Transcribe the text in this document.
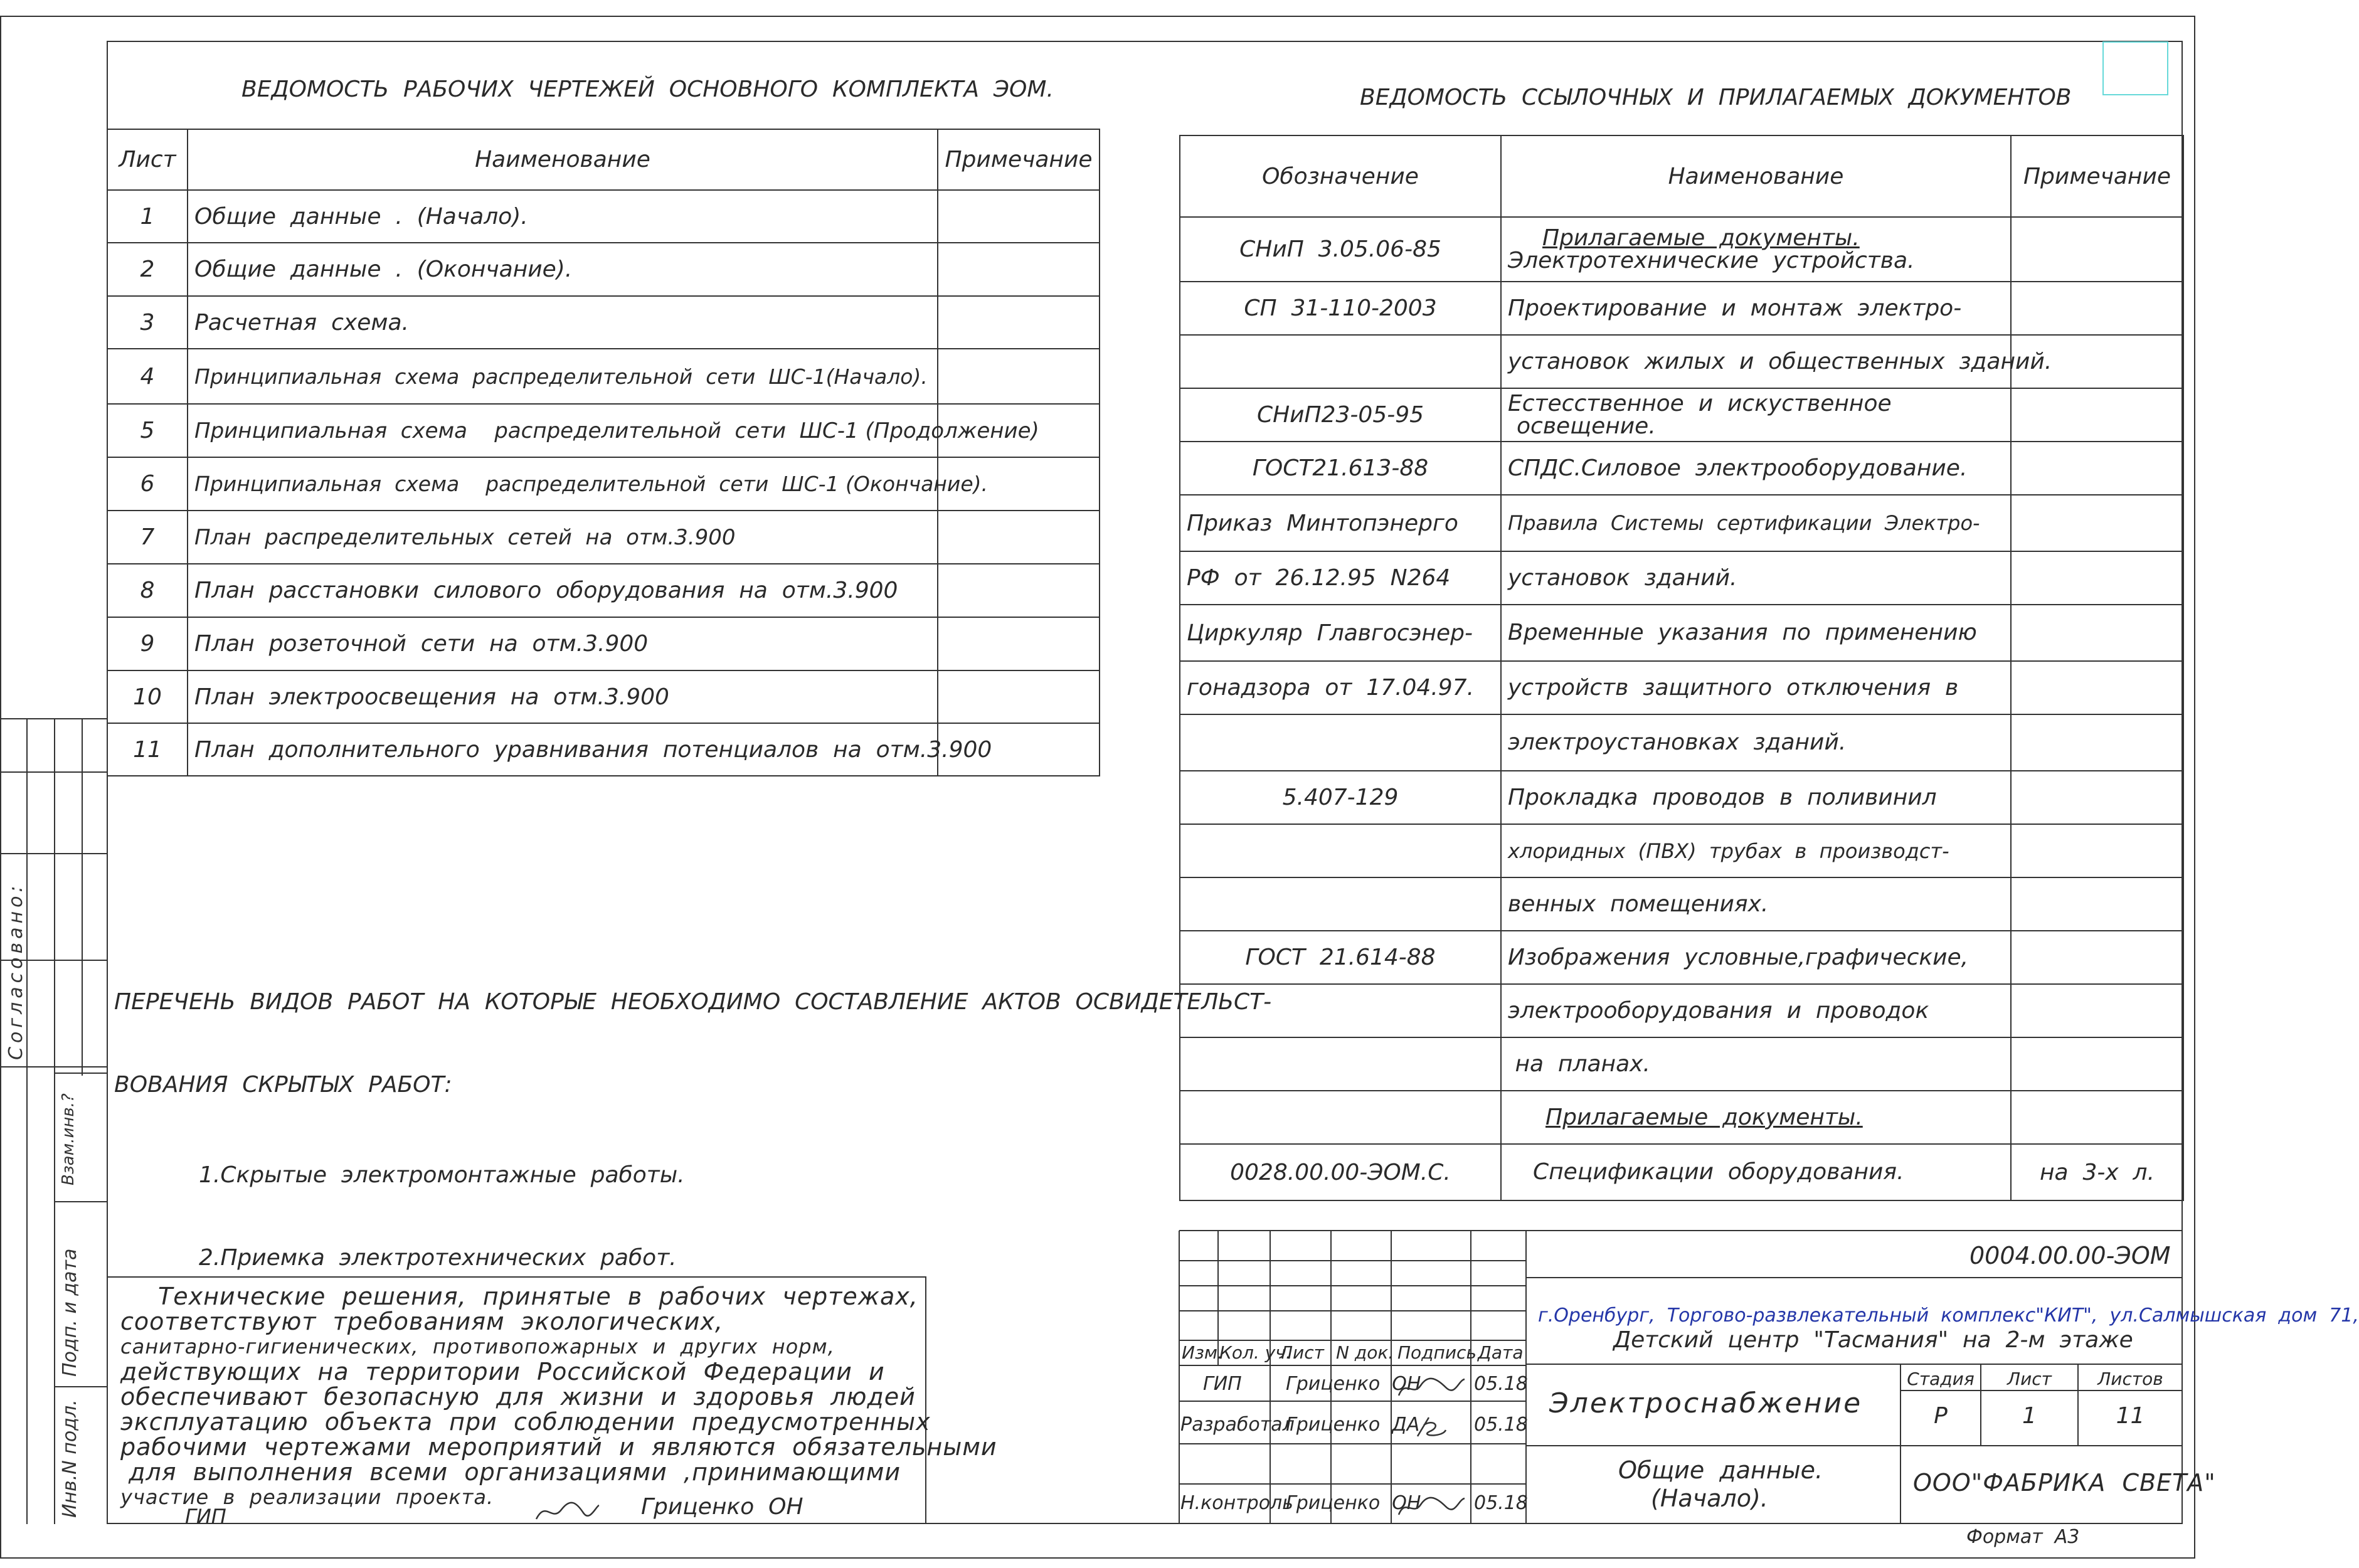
Согласовано:
Взам.инв.?
Подп. и дата
Инв.N подл.
ВЕДОМОСТЬ  РАБОЧИХ  ЧЕРТЕЖЕЙ  ОСНОВНОГО  КОМПЛЕКТА  ЭОМ.
Лист	Наименование	Примечание
1	Общие  данные  .  (Начало).	
2	Общие  данные  .  (Окончание).	
3	Расчетная  схема.	
4	Принципиальная  схема  распределительной  сети  ШС-1(Начало).	
5	Принципиальная  схема    распределительной  сети  ШС-1 (Продолжение)	
6	Принципиальная  схема    распределительной  сети  ШС-1 (Окончание).	
7	План  распределительных  сетей  на  отм.3.900	
8	План  расстановки  силового  оборудования  на  отм.3.900	
9	План  розеточной  сети  на  отм.3.900	
10	План  электроосвещения  на  отм.3.900	
11	План  дополнительного  уравнивания  потенциалов  на  отм.3.900	

ПЕРЕЧЕНЬ  ВИДОВ  РАБОТ  НА  КОТОРЫЕ  НЕОБХОДИМО  СОСТАВЛЕНИЕ  АКТОВ  ОСВИДЕТЕЛЬСТ-

ВОВАНИЯ  СКРЫТЫХ  РАБОТ:

1.Скрытые  электромонтажные  работы.

2.Приемка  электротехнических  работ.

Технические  решения,  принятые  в  рабочих  чертежах,
соответствуют  требованиям  экологических,
санитарно-гигиенических,  противопожарных  и  других  норм,
действующих  на  территории  Российской  Федерации  и
обеспечивают  безопасную  для  жизни  и  здоровья  людей
эксплуатацию  объекта  при  соблюдении  предусмотренных
рабочими  чертежами  мероприятий  и  являются  обязательными
для  выполнения  всеми  организациями  ,принимающими
участие  в  реализации  проекта.
ГИП	Гриценко  ОН
ВЕДОМОСТЬ  ССЫЛОЧНЫХ  И  ПРИЛАГАЕМЫХ  ДОКУМЕНТОВ
Обозначение	Наименование	Примечание
СНиП  3.05.06-85	Прилагаемые  документы.
Электротехнические  устройства.	

СП  31-110-2003	Проектирование  и  монтаж  электро-	

	установок  жилых  и  общественных  зданий.	

СНиП23-05-95	Естесственное  и  искуственное
освещение.	

ГОСТ21.613-88	СПДС.Силовое  электрооборудование.	

Приказ  Минтопэнерго	Правила  Системы  сертификации  Электро-	

РФ  от  26.12.95  N264	установок  зданий.	

Циркуляр  Главгосэнер-	Временные  указания  по  применению	

гонадзора  от  17.04.97.	устройств  защитного  отключения  в	

	электроустановках  зданий.	

5.407-129	Прокладка  проводов  в  поливинил	

	хлоридных  (ПВХ)  трубах  в  производст-	

	венных  помещениях.	

ГОСТ  21.614-88	Изображения  условные,графические,	

	электрооборудования  и  проводок	

	на  планах.	

	Прилагаемые  документы.	

0028.00.00-ЭОМ.С.	Спецификации  оборудования.	на  3-х  л.
0004.00.00-ЭОМ
г.Оренбург,  Торгово-развлекательный  комплекс"КИТ",  ул.Салмышская  дом  71,
Детский  центр  "Тасмания"  на  2-м  этаже
Изм.
Кол. уч.
Лист N док. Подпись Дата
ГИП Гриценко  ОН	05.18
Разработал
Гриценко  ДА	05.18
Н.контроль
Гриценко  ОН	05.18
Электроснабжение
Общие  данные.
(Начало).
Стадия	Лист	Листов
Р	1	11
ООО"ФАБРИКА  СВЕТА"
Формат  А3
